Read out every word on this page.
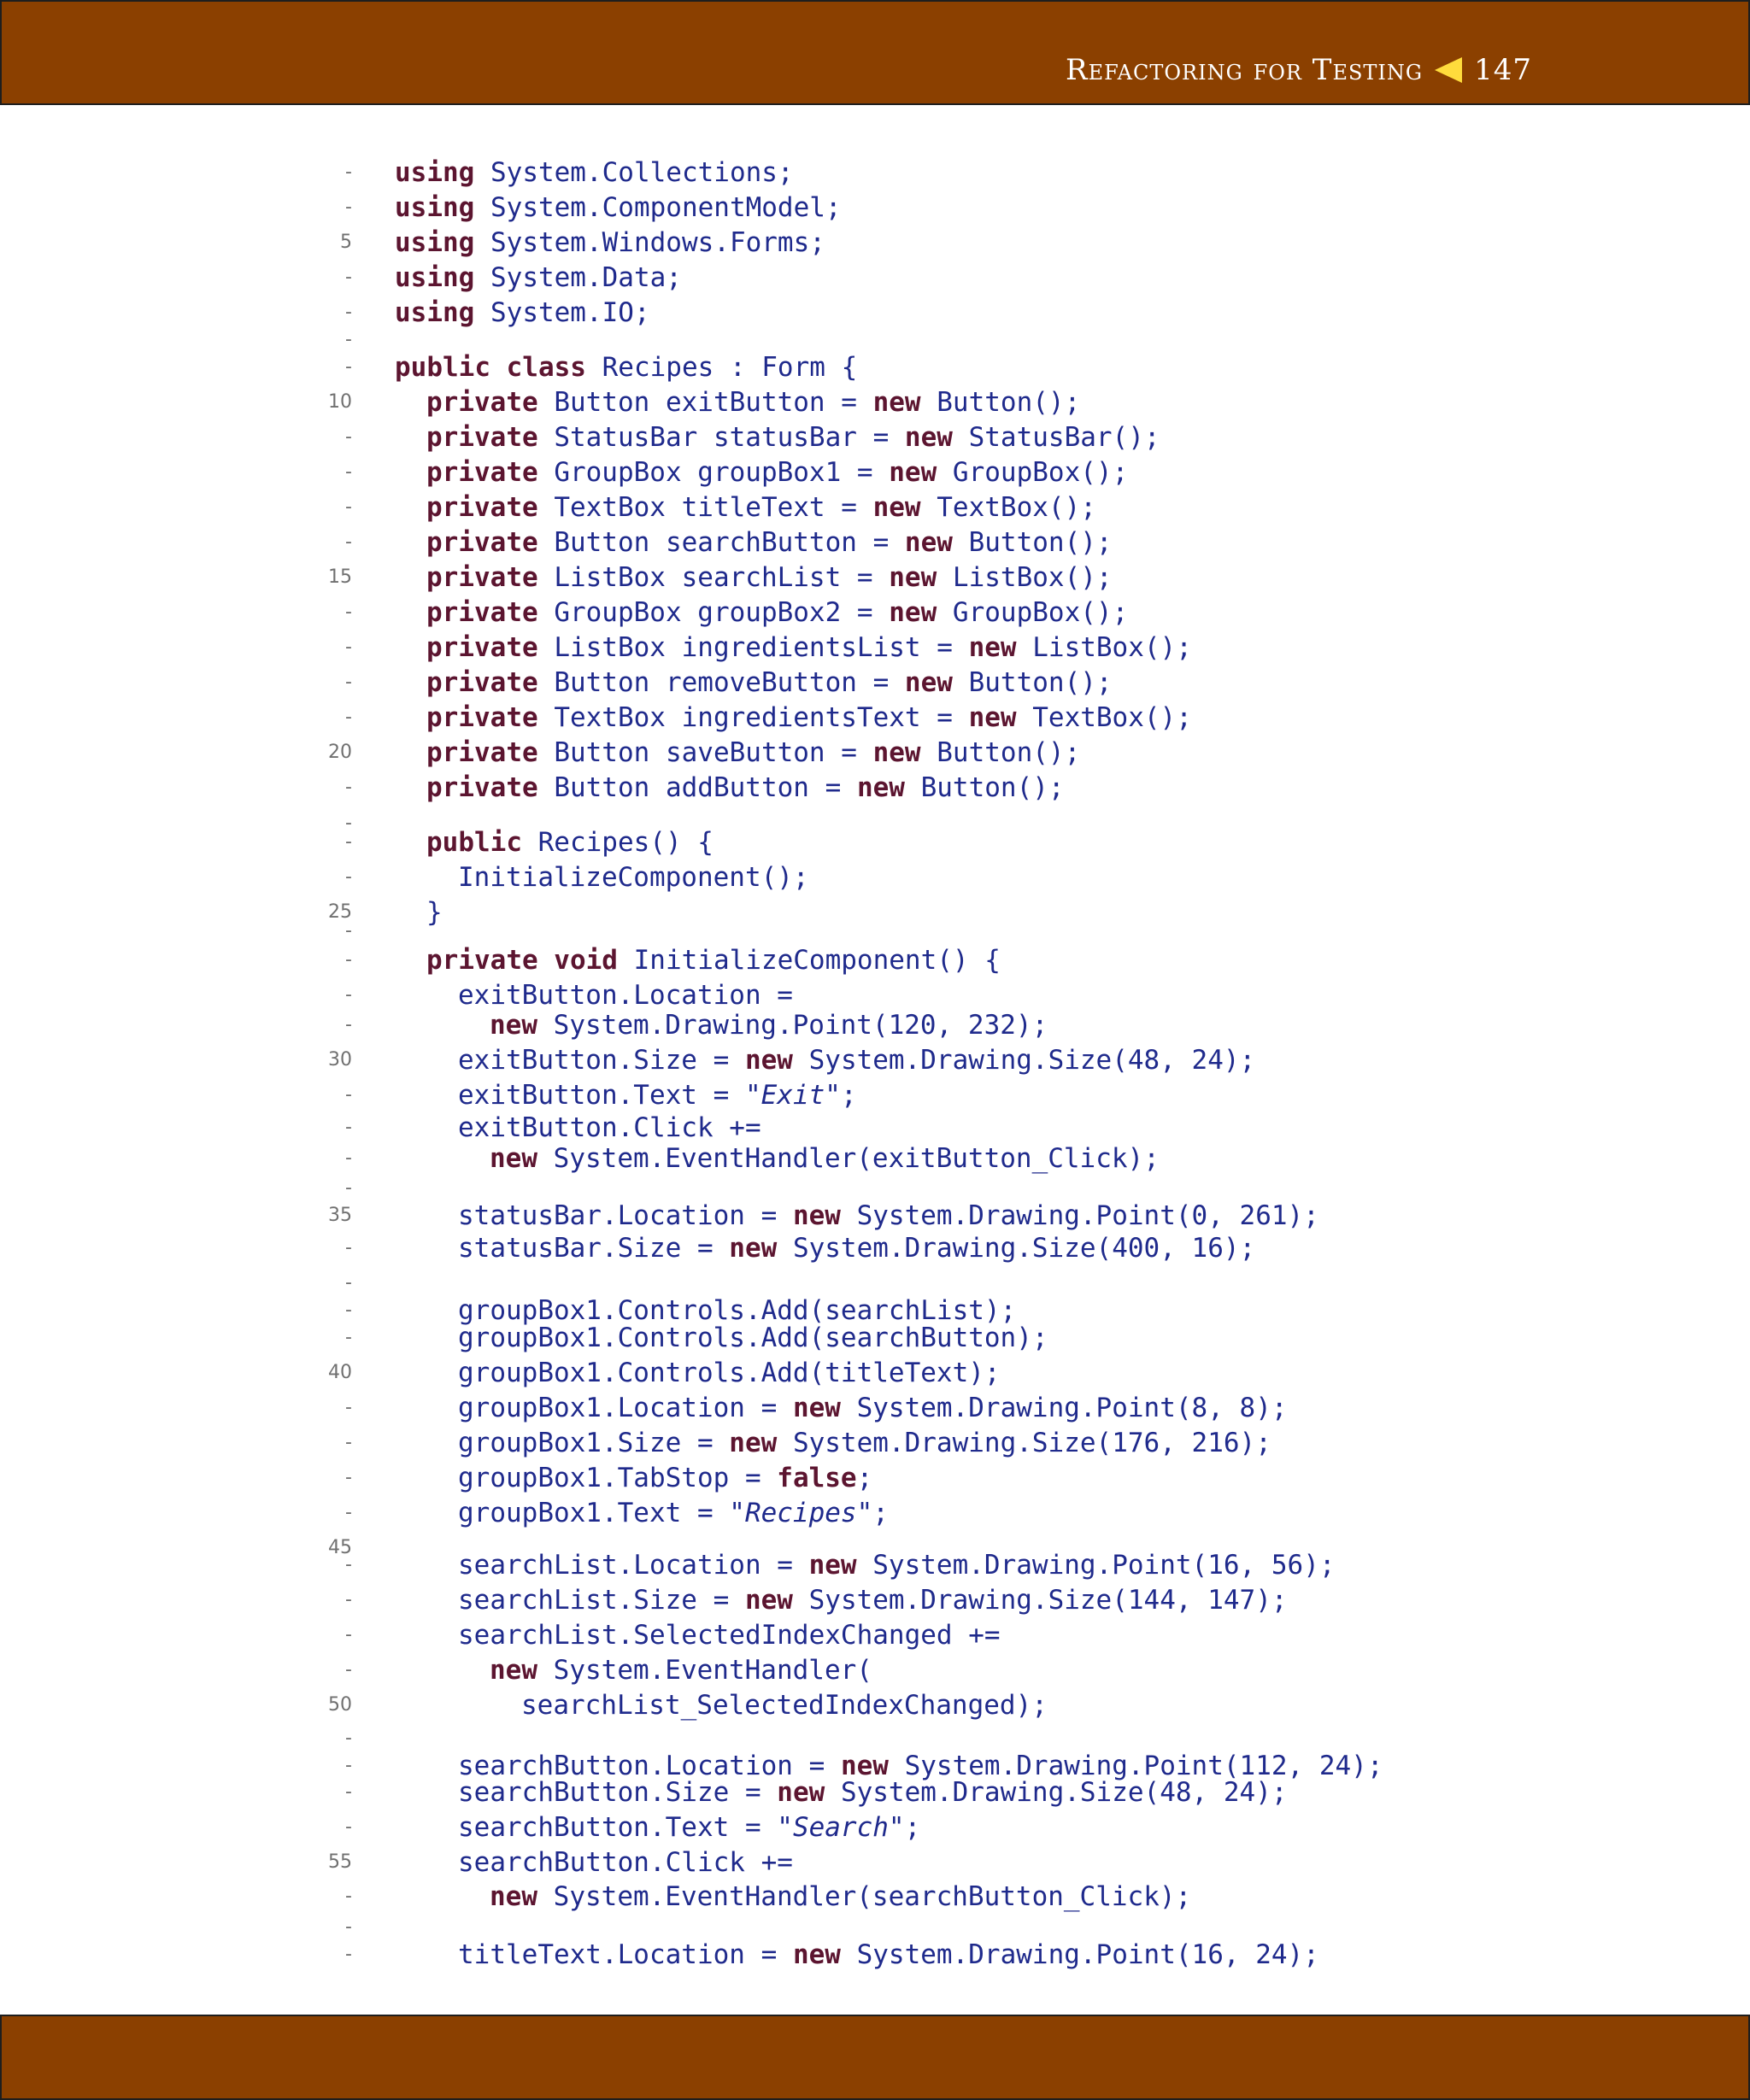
Refactoring for Testing 147
- using System.Collections;
- using System.ComponentModel;
5 using System.Windows.Forms;
- using System.Data;
- using System.IO;
-
- public class Recipes : Form {
10	private Button exitButton = new Button();
-	private StatusBar statusBar = new StatusBar();
-	private GroupBox groupBox1 = new GroupBox();
-	private TextBox titleText = new TextBox();
-	private Button searchButton = new Button();
15	private ListBox searchList = new ListBox();
-	private GroupBox groupBox2 = new GroupBox();
-	private ListBox ingredientsList = new ListBox();
-	private Button removeButton = new Button();
-	private TextBox ingredientsText = new TextBox();
20	private Button saveButton = new Button();
-	private Button addButton = new Button();
-
-	public Recipes() {
-	InitializeComponent();
25	}
-
-	private void InitializeComponent() {
-	exitButton.Location =
-	new System.Drawing.Point(120, 232);
30	exitButton.Size = new System.Drawing.Size(48, 24);
-	exitButton.Text = "Exit";
-	exitButton.Click +=
-	new System.EventHandler(exitButton_Click);
-
35	statusBar.Location = new System.Drawing.Point(0, 261);
-	statusBar.Size = new System.Drawing.Size(400, 16);
-
-	groupBox1.Controls.Add(searchList);
-	groupBox1.Controls.Add(searchButton);
40	groupBox1.Controls.Add(titleText);
-	groupBox1.Location = new System.Drawing.Point(8, 8);
-	groupBox1.Size = new System.Drawing.Size(176, 216);
-	groupBox1.TabStop = false;
-	groupBox1.Text = "Recipes";
45
-	searchList.Location = new System.Drawing.Point(16, 56);
-	searchList.Size = new System.Drawing.Size(144, 147);
-	searchList.SelectedIndexChanged +=
-	new System.EventHandler(
50	searchList_SelectedIndexChanged);
-
-	searchButton.Location = new System.Drawing.Point(112, 24);
-	searchButton.Size = new System.Drawing.Size(48, 24);
-	searchButton.Text = "Search";
55	searchButton.Click +=
-	new System.EventHandler(searchButton_Click);
-
-	titleText.Location = new System.Drawing.Point(16, 24);
